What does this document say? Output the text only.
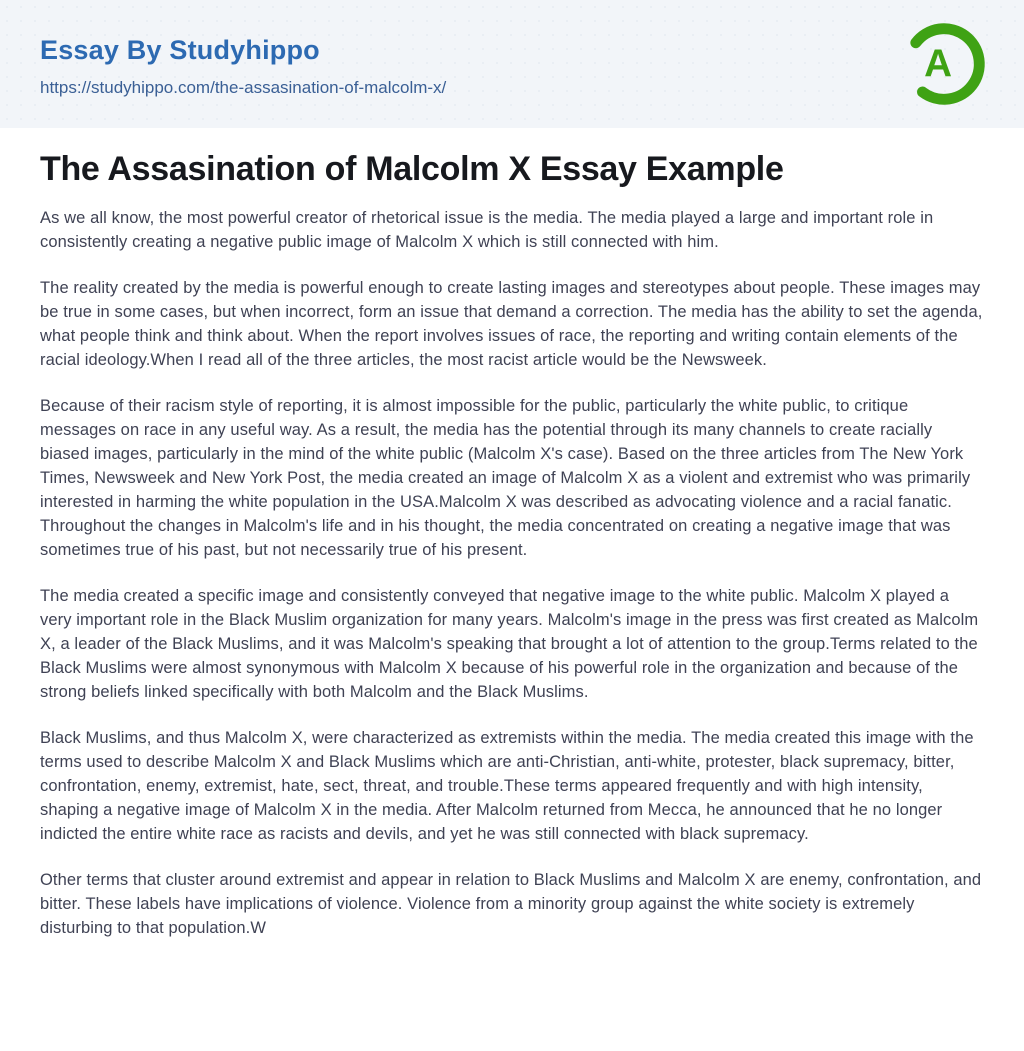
Essay By Studyhippo
https://studyhippo.com/the-assasination-of-malcolm-x/
A
The Assasination of Malcolm X Essay Example

As we all know, the most powerful creator of rhetorical issue is the media. The media played a large and important role in consistently creating a negative public image of Malcolm X which is still connected with him.

The reality created by the media is powerful enough to create lasting images and stereotypes about people. These images may be true in some cases, but when incorrect, form an issue that demand a correction. The media has the ability to set the agenda, what people think and think about. When the report involves issues of race, the reporting and writing contain elements of the racial ideology.When I read all of the three articles, the most racist article would be the Newsweek.

Because of their racism style of reporting, it is almost impossible for the public, particularly the white public, to critique messages on race in any useful way. As a result, the media has the potential through its many channels to create racially biased images, particularly in the mind of the white public (Malcolm X's case). Based on the three articles from The New York Times, Newsweek and New York Post, the media created an image of Malcolm X as a violent and extremist who was primarily interested in harming the white population in the USA.Malcolm X was described as advocating violence and a racial fanatic. Throughout the changes in Malcolm's life and in his thought, the media concentrated on creating a negative image that was sometimes true of his past, but not necessarily true of his present.

The media created a specific image and consistently conveyed that negative image to the white public. Malcolm X played a very important role in the Black Muslim organization for many years. Malcolm's image in the press was first created as Malcolm X, a leader of the Black Muslims, and it was Malcolm's speaking that brought a lot of attention to the group.Terms related to the Black Muslims were almost synonymous with Malcolm X because of his powerful role in the organization and because of the strong beliefs linked specifically with both Malcolm and the Black Muslims.

Black Muslims, and thus Malcolm X, were characterized as extremists within the media. The media created this image with the terms used to describe Malcolm X and Black Muslims which are anti-Christian, anti-white, protester, black supremacy, bitter, confrontation, enemy, extremist, hate, sect, threat, and trouble.These terms appeared frequently and with high intensity, shaping a negative image of Malcolm X in the media. After Malcolm returned from Mecca, he announced that he no longer indicted the entire white race as racists and devils, and yet he was still connected with black supremacy.

Other terms that cluster around extremist and appear in relation to Black Muslims and Malcolm X are enemy, confrontation, and bitter. These labels have implications of violence. Violence from a minority group against the white society is extremely disturbing to that population.W
